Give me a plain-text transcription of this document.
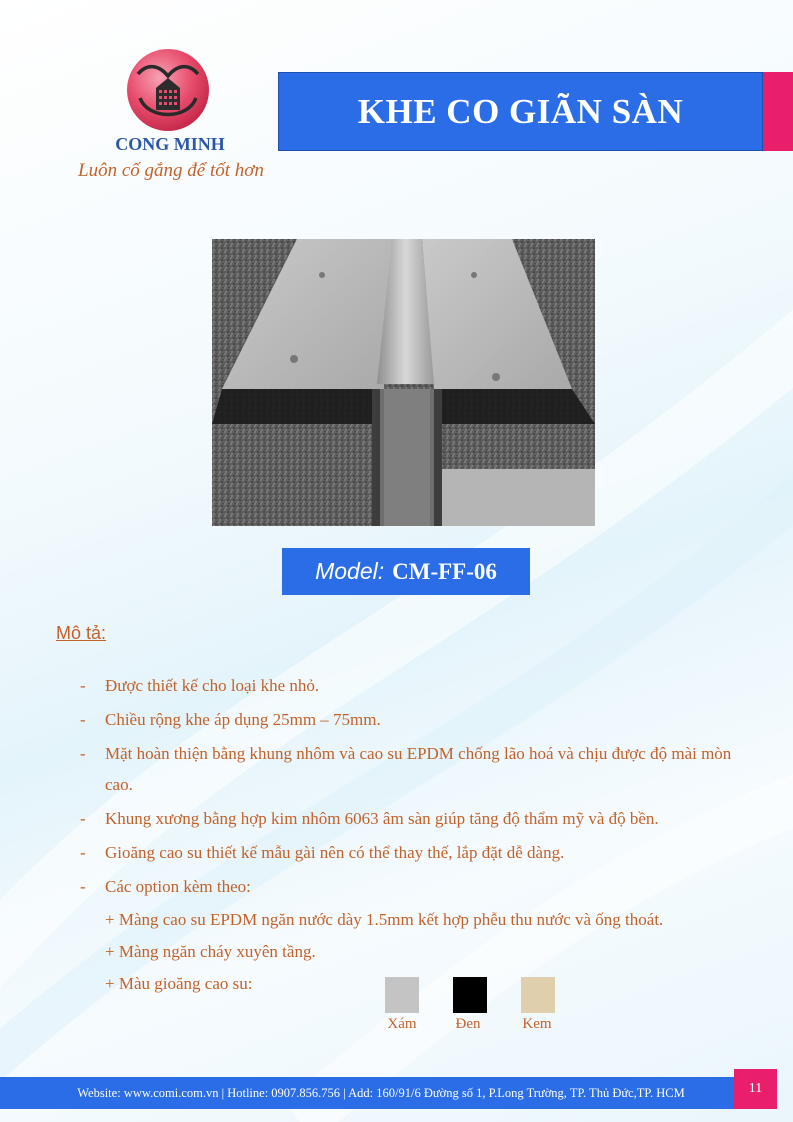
CONG MINH
Luôn cố gắng để tốt hơn
KHE CO GIÃN SÀN
Model: CM-FF-06
Mô tả:
- Được thiết kế cho loại khe nhỏ.
- Chiều rộng khe áp dụng 25mm – 75mm.
- Mặt hoàn thiện bằng khung nhôm và cao su EPDM chống lão hoá và chịu được độ mài mòn cao.
- Khung xương bằng hợp kim nhôm 6063 âm sàn giúp tăng độ thẩm mỹ và độ bền.
- Gioăng cao su thiết kế mẫu gài nên có thể thay thế, lắp đặt dễ dàng.
- Các option kèm theo:
+ Màng cao su EPDM ngăn nước dày 1.5mm kết hợp phễu thu nước và ống thoát.
+ Màng ngăn cháy xuyên tầng.
+ Màu gioăng cao su:
Xám	Đen	Kem
Website: www.comi.com.vn | Hotline: 0907.856.756 | Add: 160/91/6 Đường số 1, P.Long Trường, TP. Thủ Đức,TP. HCM	11
